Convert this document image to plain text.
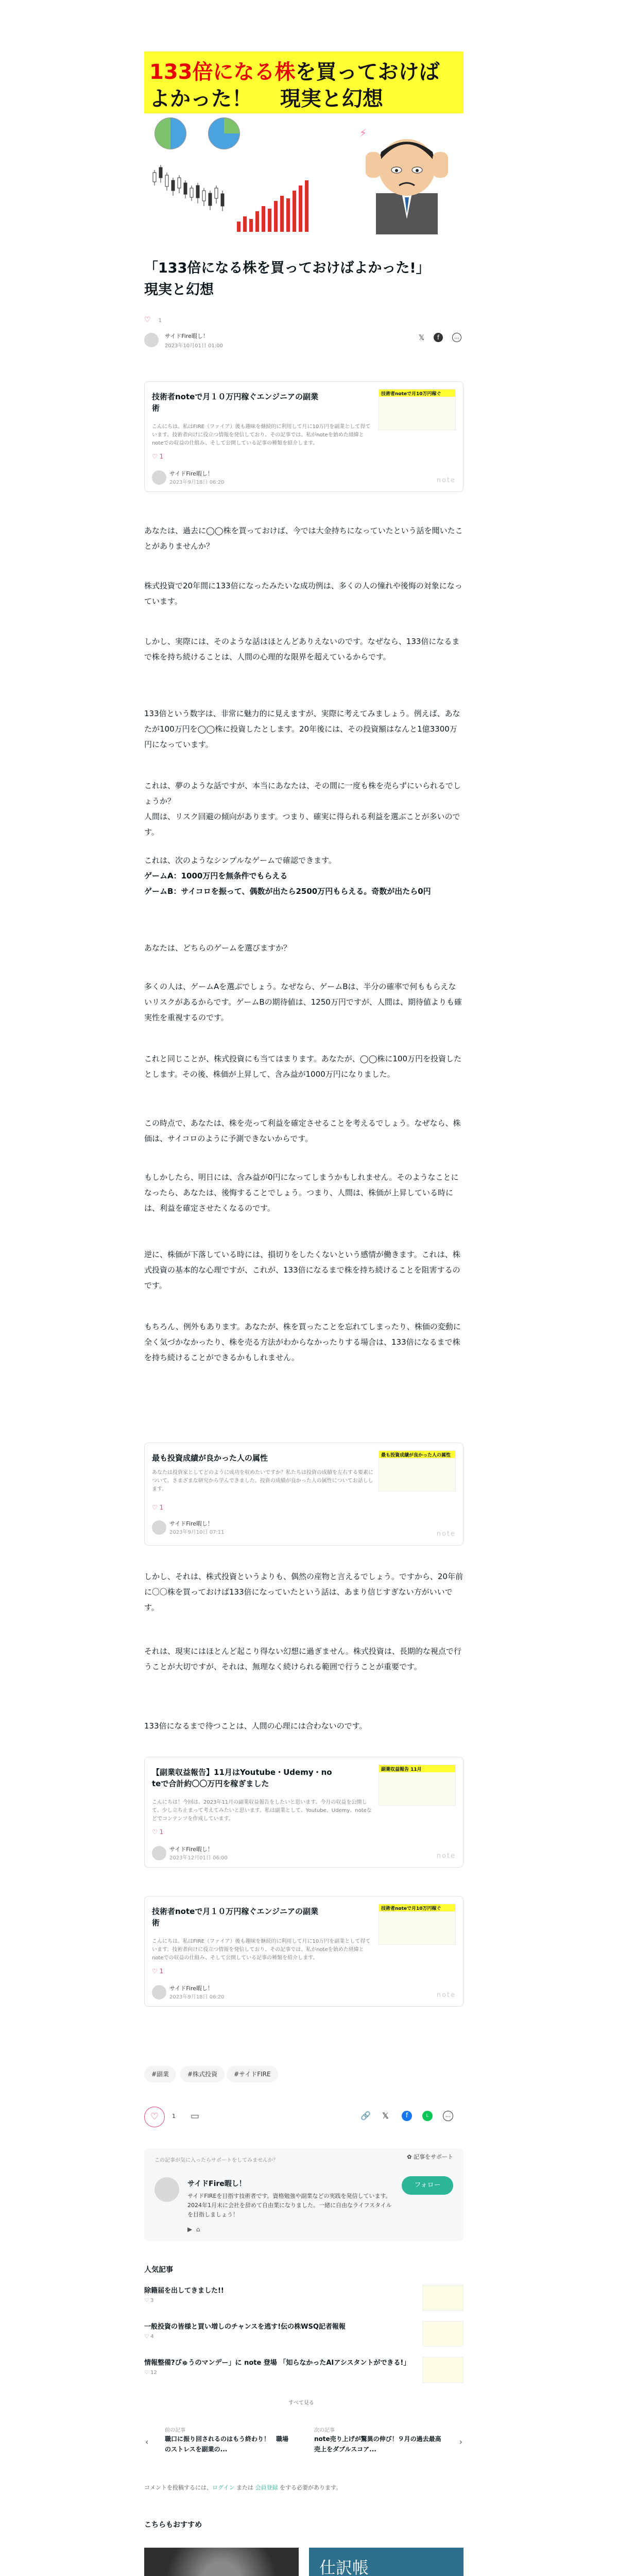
133倍になる株を買っておけば
よかった！　 現実と幻想
⚡
「133倍になる株を買っておけばよかった!」
現実と幻想
サイドFire暇し！
2023年10月01日 01:00
𝕏	f	…
♡ 1
技術者noteで月１０万円稼ぐエンジニアの副業
術
こんにちは。私はFIRE（ファイア）後も趣味を継続的に利用して月に10万円を副業として得ています。技術者向けに役立つ情報を発信しており、その記事では、私がnoteを始めた経緯とnoteでの収益の仕組み、そして公開している記事の種類を紹介します。
技術者noteで月10万円稼ぐ
♡ 1
サイドFire暇し！
2023年9月18日 06:20	note
あなたは、過去に◯◯株を買っておけば、今では大金持ちになっていたという話を聞いたことがありませんか？
株式投資で20年間に133倍になったみたいな成功例は、多くの人の憧れや後悔の対象になっています。
しかし、実際には、そのような話はほとんどありえないのです。なぜなら、133倍になるまで株を持ち続けることは、人間の心理的な限界を超えているからです。
133倍という数字は、非常に魅力的に見えますが、実際に考えてみましょう。例えば、あなたが100万円を◯◯株に投資したとします。20年後には、その投資額はなんと1億3300万円になっています。
これは、夢のような話ですが、本当にあなたは、その間に一度も株を売らずにいられるでしょうか？
人間は、リスク回避の傾向があります。つまり、確実に得られる利益を選ぶことが多いのです。
これは、次のようなシンプルなゲームで確認できます。
ゲームA：1000万円を無条件でもらえる
ゲームB：サイコロを振って、偶数が出たら2500万円もらえる。奇数が出たら0円
あなたは、どちらのゲームを選びますか？
多くの人は、ゲームAを選ぶでしょう。なぜなら、ゲームBは、半分の確率で何ももらえないリスクがあるからです。ゲームBの期待値は、1250万円ですが、人間は、期待値よりも確実性を重視するのです。
これと同じことが、株式投資にも当てはまります。あなたが、◯◯株に100万円を投資したとします。その後、株価が上昇して、含み益が1000万円になりました。
この時点で、あなたは、株を売って利益を確定させることを考えるでしょう。なぜなら、株価は、サイコロのように予測できないからです。
もしかしたら、明日には、含み益が0円になってしまうかもしれません。そのようなことになったら、あなたは、後悔することでしょう。つまり、人間は、株価が上昇している時には、利益を確定させたくなるのです。
逆に、株価が下落している時には、損切りをしたくないという感情が働きます。これは、株式投資の基本的な心理ですが、これが、133倍になるまで株を持ち続けることを阻害するのです。
もちろん、例外もあります。あなたが、株を買ったことを忘れてしまったり、株価の変動に全く気づかなかったり、株を売る方法がわからなかったりする場合は、133倍になるまで株を持ち続けることができるかもしれません。
最も投資成績が良かった人の属性
あなたは投資家としてどのように成功を収めたいですか？私たちは投資の成績を左右する要素について、さまざまな研究から学んできました。投資の成績が良かった人の属性についてお話しします。
最も投資成績が良かった人の属性
♡ 1
サイドFire暇し！
2023年9月10日 07:11	note
しかし、それは、株式投資というよりも、偶然の産物と言えるでしょう。ですから、20年前に〇〇株を買っておけば133倍になっていたという話は、あまり信じすぎない方がいいです。
それは、現実にはほとんど起こり得ない幻想に過ぎません。株式投資は、長期的な視点で行うことが大切ですが、それは、無理なく続けられる範囲で行うことが重要です。
133倍になるまで待つことは、人間の心理には合わないのです。
【副業収益報告】11月はYoutube・Udemy・no
teで合計約〇〇万円を稼ぎました
こんにちは！今回は、2023年11月の副業収益報告をしたいと思います。今月の収益を公開して、少し立ち止まって考えてみたいと思います。私は副業として、Youtube、Udemy、noteなどでコンテンツを作成しています。
副業収益報告 11月
♡ 1
サイドFire暇し！
2023年12月01日 06:00	note
技術者noteで月１０万円稼ぐエンジニアの副業
術
こんにちは。私はFIRE（ファイア）後も趣味を継続的に利用して月に10万円を副業として得ています。技術者向けに役立つ情報を発信しており、その記事では、私がnoteを始めた経緯とnoteでの収益の仕組み、そして公開している記事の種類を紹介します。
技術者noteで月10万円稼ぐ
♡ 1
サイドFire暇し！
2023年9月18日 06:20	note
#副業	#株式投資	#サイドFIRE
♡	1 ▭	🔗 𝕏	f	L	…
この記事が気に入ったらサポートをしてみませんか？
✿ 記事をサポート
サイドFire暇し！	フォロー
サイドFIREを目指す技術者です。資格勉強や副業などの実践を発信しています。2024年1月末に会社を辞めて自由業になりました。一緒に自由なライフスタイルを目指しましょう！
▶ ⌂
人気記事
除籍届を出してきました!!
♡ 3
一般投資の皆様と買い増しのチャンスを逃す!伝の株WSQ記者報報
♡ 4
情報整備?ぴゅうのマンデー」に note 登場 「知らなかったAIアシスタントができる!」
♡ 12
すべて見る
‹
前の記事
職口に振り回されるのはもう終わり！　職場のストレスを副業の...
次の記事
note売り上げが驚異の伸び！９月の過去最高売上をダブルスコア...
›
コメントを投稿するには、ログイン または 会員登録 をする必要があります。
こちらもおすすめ
仕訳帳
